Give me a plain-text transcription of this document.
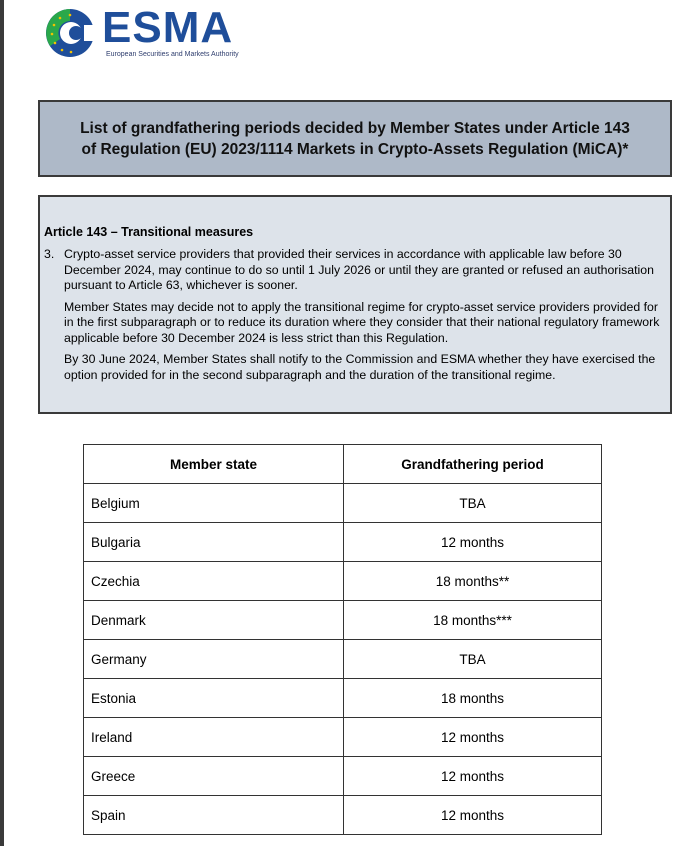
ESMA
European Securities and Markets Authority
List of grandfathering periods decided by Member States under Article 143 of Regulation (EU) 2023/1114 Markets in Crypto-Assets Regulation (MiCA)*
Article 143 – Transitional measures
3. Crypto-asset service providers that provided their services in accordance with applicable law before 30 December 2024, may continue to do so until 1 July 2026 or until they are granted or refused an authorisation pursuant to Article 63, whichever is sooner.

Member States may decide not to apply the transitional regime for crypto-asset service providers provided for in the first subparagraph or to reduce its duration where they consider that their national regulatory framework applicable before 30 December 2024 is less strict than this Regulation.

By 30 June 2024, Member States shall notify to the Commission and ESMA whether they have exercised the option provided for in the second subparagraph and the duration of the transitional regime.

Member state	Grandfathering period
Belgium	TBA
Bulgaria	12 months
Czechia	18 months**
Denmark	18 months***
Germany	TBA
Estonia	18 months
Ireland	12 months
Greece	12 months
Spain	12 months
